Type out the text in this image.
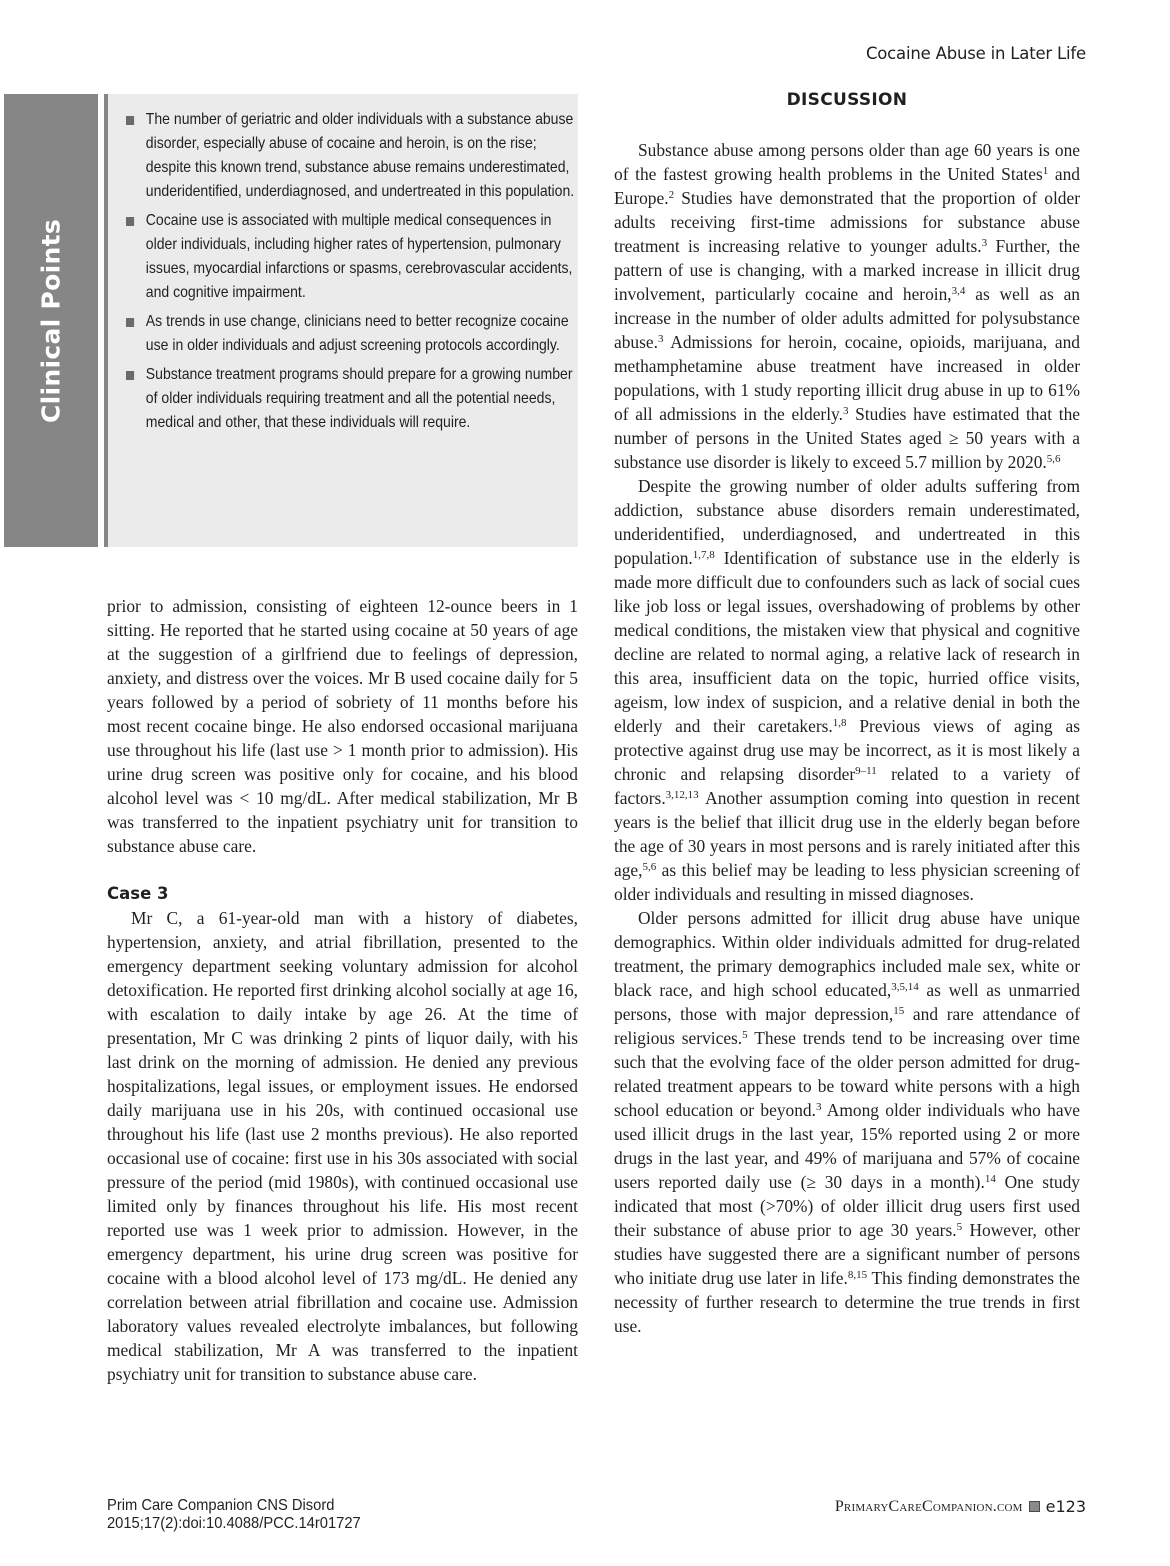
Cocaine Abuse in Later Life
Clinical Points
The number of geriatric and older individuals with a substance abuse disorder, especially abuse of cocaine and heroin, is on the rise; despite this known trend, substance abuse remains underestimated, underidentified, underdiagnosed, and undertreated in this population.
Cocaine use is associated with multiple medical consequences in older individuals, including higher rates of hypertension, pulmonary issues, myocardial infarctions or spasms, cerebrovascular accidents, and cognitive impairment.
As trends in use change, clinicians need to better recognize cocaine use in older individuals and adjust screening protocols accordingly.
Substance treatment programs should prepare for a growing number of older individuals requiring treatment and all the potential needs, medical and other, that these individuals will require.

prior to admission, consisting of eighteen 12-ounce beers in 1 sitting. He reported that he started using cocaine at 50 years of age at the suggestion of a girlfriend due to feelings of depression, anxiety, and distress over the voices. Mr B used cocaine daily for 5 years followed by a period of sobriety of 11 months before his most recent cocaine binge. He also endorsed occasional marijuana use throughout his life (last use > 1 month prior to admission). His urine drug screen was positive only for cocaine, and his blood alcohol level was < 10 mg/dL. After medical stabilization, Mr B was transferred to the inpatient psychiatry unit for transition to substance abuse care.

Case 3

Mr C, a 61-year-old man with a history of diabetes, hypertension, anxiety, and atrial fibrillation, presented to the emergency department seeking voluntary admission for alcohol detoxification. He reported first drinking alcohol socially at age 16, with escalation to daily intake by age 26. At the time of presentation, Mr C was drinking 2 pints of liquor daily, with his last drink on the morning of admission. He denied any previous hospitalizations, legal issues, or employment issues. He endorsed daily marijuana use in his 20s, with continued occasional use throughout his life (last use 2 months previous). He also reported occasional use of cocaine: first use in his 30s associated with social pressure of the period (mid 1980s), with continued occasional use limited only by finances throughout his life. His most recent reported use was 1 week prior to admission. However, in the emergency department, his urine drug screen was positive for cocaine with a blood alcohol level of 173 mg/dL. He denied any correlation between atrial fibrillation and cocaine use. Admission laboratory values revealed electrolyte imbalances, but following medical stabilization, Mr A was transferred to the inpatient psychiatry unit for transition to substance abuse care.

DISCUSSION

Substance abuse among persons older than age 60 years is one of the fastest growing health problems in the United States$^1$ and Europe.$^2$ Studies have demonstrated that the proportion of older adults receiving first-time admissions for substance abuse treatment is increasing relative to younger adults.$^3$ Further, the pattern of use is changing, with a marked increase in illicit drug involvement, particularly cocaine and heroin,$^{3,4}$ as well as an increase in the number of older adults admitted for polysubstance abuse.$^3$ Admissions for heroin, cocaine, opioids, marijuana, and methamphetamine abuse treatment have increased in older populations, with 1 study reporting illicit drug abuse in up to 61% of all admissions in the elderly.$^3$ Studies have estimated that the number of persons in the United States aged ≥ 50 years with a substance use disorder is likely to exceed 5.7 million by 2020.$^{5,6}$

Despite the growing number of older adults suffering from addiction, substance abuse disorders remain underestimated, underidentified, underdiagnosed, and undertreated in this population.$^{1,7,8}$ Identification of substance use in the elderly is made more difficult due to confounders such as lack of social cues like job loss or legal issues, overshadowing of problems by other medical conditions, the mistaken view that physical and cognitive decline are related to normal aging, a relative lack of research in this area, insufficient data on the topic, hurried office visits, ageism, low index of suspicion, and a relative denial in both the elderly and their caretakers.$^{1,8}$ Previous views of aging as protective against drug use may be incorrect, as it is most likely a chronic and relapsing disorder$^{9-11}$ related to a variety of factors.$^{3,12,13}$ Another assumption coming into question in recent years is the belief that illicit drug use in the elderly began before the age of 30 years in most persons and is rarely initiated after this age,$^{5,6}$ as this belief may be leading to less physician screening of older individuals and resulting in missed diagnoses.

Older persons admitted for illicit drug abuse have unique demographics. Within older individuals admitted for drug-related treatment, the primary demographics included male sex, white or black race, and high school educated,$^{3,5,14}$ as well as unmarried persons, those with major depression,$^{15}$ and rare attendance of religious services.$^5$ These trends tend to be increasing over time such that the evolving face of the older person admitted for drug-related treatment appears to be toward white persons with a high school education or beyond.$^3$ Among older individuals who have used illicit drugs in the last year, 15% reported using 2 or more drugs in the last year, and 49% of marijuana and 57% of cocaine users reported daily use (≥ 30 days in a month).$^{14}$ One study indicated that most (>70%) of older illicit drug users first used their substance of abuse prior to age 30 years.$^5$ However, other studies have suggested there are a significant number of persons who initiate drug use later in life.$^{8,15}$ This finding demonstrates the necessity of further research to determine the true trends in first use.

Prim Care Companion CNS Disord
2015;17(2):doi:10.4088/PCC.14r01727
PrimaryCareCompanion.com e123
